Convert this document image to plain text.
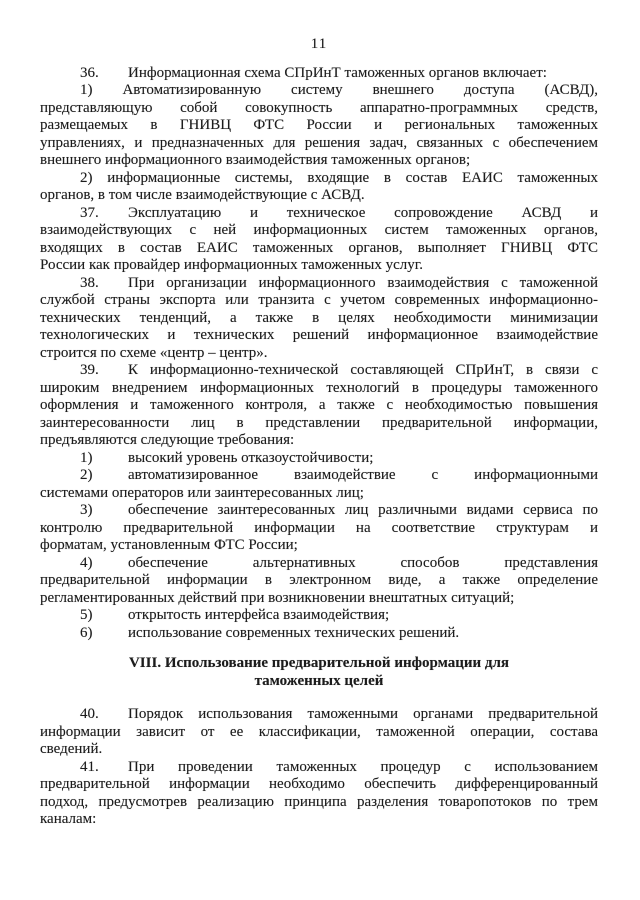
11
36. Информационная схема СПрИнТ таможенных органов включает:
1) Автоматизированную систему внешнего доступа (АСВД),
представляющую собой совокупность аппаратно-программных средств,
размещаемых в ГНИВЦ ФТС России и региональных таможенных
управлениях, и предназначенных для решения задач, связанных с обеспечением
внешнего информационного взаимодействия таможенных органов;
2) информационные системы, входящие в состав ЕАИС таможенных
органов, в том числе взаимодействующие с АСВД.
37. Эксплуатацию и техническое сопровождение АСВД и
взаимодействующих с ней информационных систем таможенных органов,
входящих в состав ЕАИС таможенных органов, выполняет ГНИВЦ ФТС
России как провайдер информационных таможенных услуг.
38. При организации информационного взаимодействия с таможенной
службой страны экспорта или транзита с учетом современных информационно-
технических тенденций, а также в целях необходимости минимизации
технологических и технических решений информационное взаимодействие
строится по схеме «центр – центр».
39. К информационно-технической составляющей СПрИнТ, в связи с
широким внедрением информационных технологий в процедуры таможенного
оформления и таможенного контроля, а также с необходимостью повышения
заинтересованности лиц в представлении предварительной информации,
предъявляются следующие требования:
1) высокий уровень отказоустойчивости;
2) автоматизированное взаимодействие с информационными
системами операторов или заинтересованных лиц;
3) обеспечение заинтересованных лиц различными видами сервиса по
контролю предварительной информации на соответствие структурам и
форматам, установленным ФТС России;
4) обеспечение альтернативных способов представления
предварительной информации в электронном виде, а также определение
регламентированных действий при возникновении внештатных ситуаций;
5) открытость интерфейса взаимодействия;
6) использование современных технических решений.
VIII. Использование предварительной информации для
таможенных целей
40. Порядок использования таможенными органами предварительной
информации зависит от ее классификации, таможенной операции, состава
сведений.
41. При проведении таможенных процедур с использованием
предварительной информации необходимо обеспечить дифференцированный
подход, предусмотрев реализацию принципа разделения товаропотоков по трем
каналам:
